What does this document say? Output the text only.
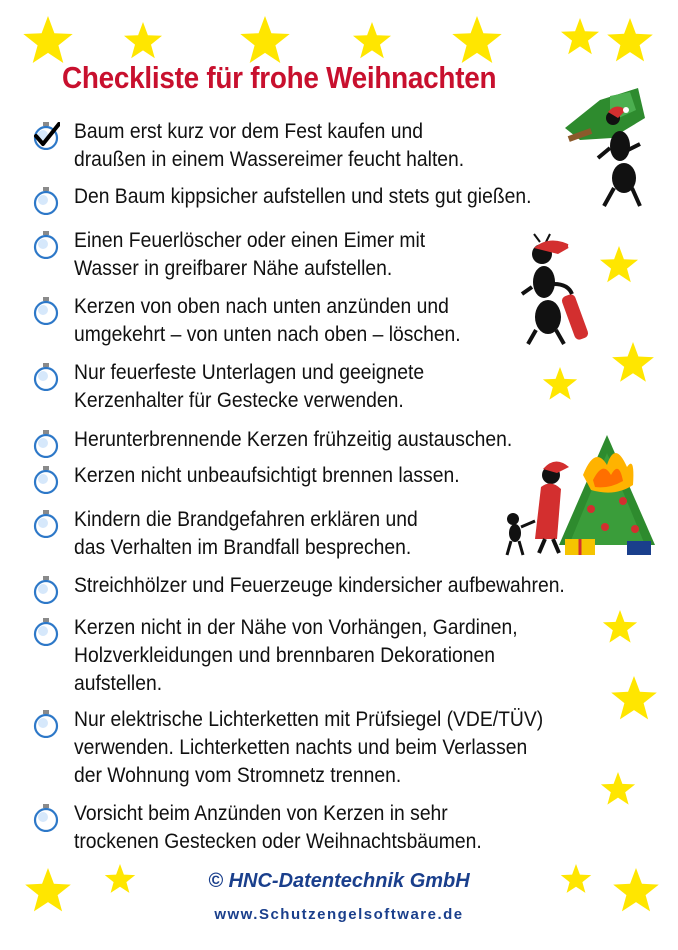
Checkliste für frohe Weihnachten
Baum erst kurz vor dem Fest kaufen und
draußen in einem Wassereimer feucht halten.
Den Baum kippsicher aufstellen und stets gut gießen.
Einen Feuerlöscher oder einen Eimer mit
Wasser in greifbarer Nähe aufstellen.
Kerzen von oben nach unten anzünden und
umgekehrt – von unten nach oben – löschen.
Nur feuerfeste Unterlagen und geeignete
Kerzenhalter für Gestecke verwenden.
Herunterbrennende Kerzen frühzeitig austauschen.
Kerzen nicht unbeaufsichtigt brennen lassen.
Kindern die Brandgefahren erklären und
das Verhalten im Brandfall besprechen.
Streichhölzer und Feuerzeuge kindersicher aufbewahren.
Kerzen nicht in der Nähe von Vorhängen, Gardinen,
Holzverkleidungen und brennbaren Dekorationen
aufstellen.
Nur elektrische Lichterketten mit Prüfsiegel (VDE/TÜV)
verwenden. Lichterketten nachts und beim Verlassen
der Wohnung vom Stromnetz trennen.
Vorsicht beim Anzünden von Kerzen in sehr
trockenen Gestecken oder Weihnachtsbäumen.
© HNC-Datentechnik GmbH
www.Schutzengelsoftware.de
